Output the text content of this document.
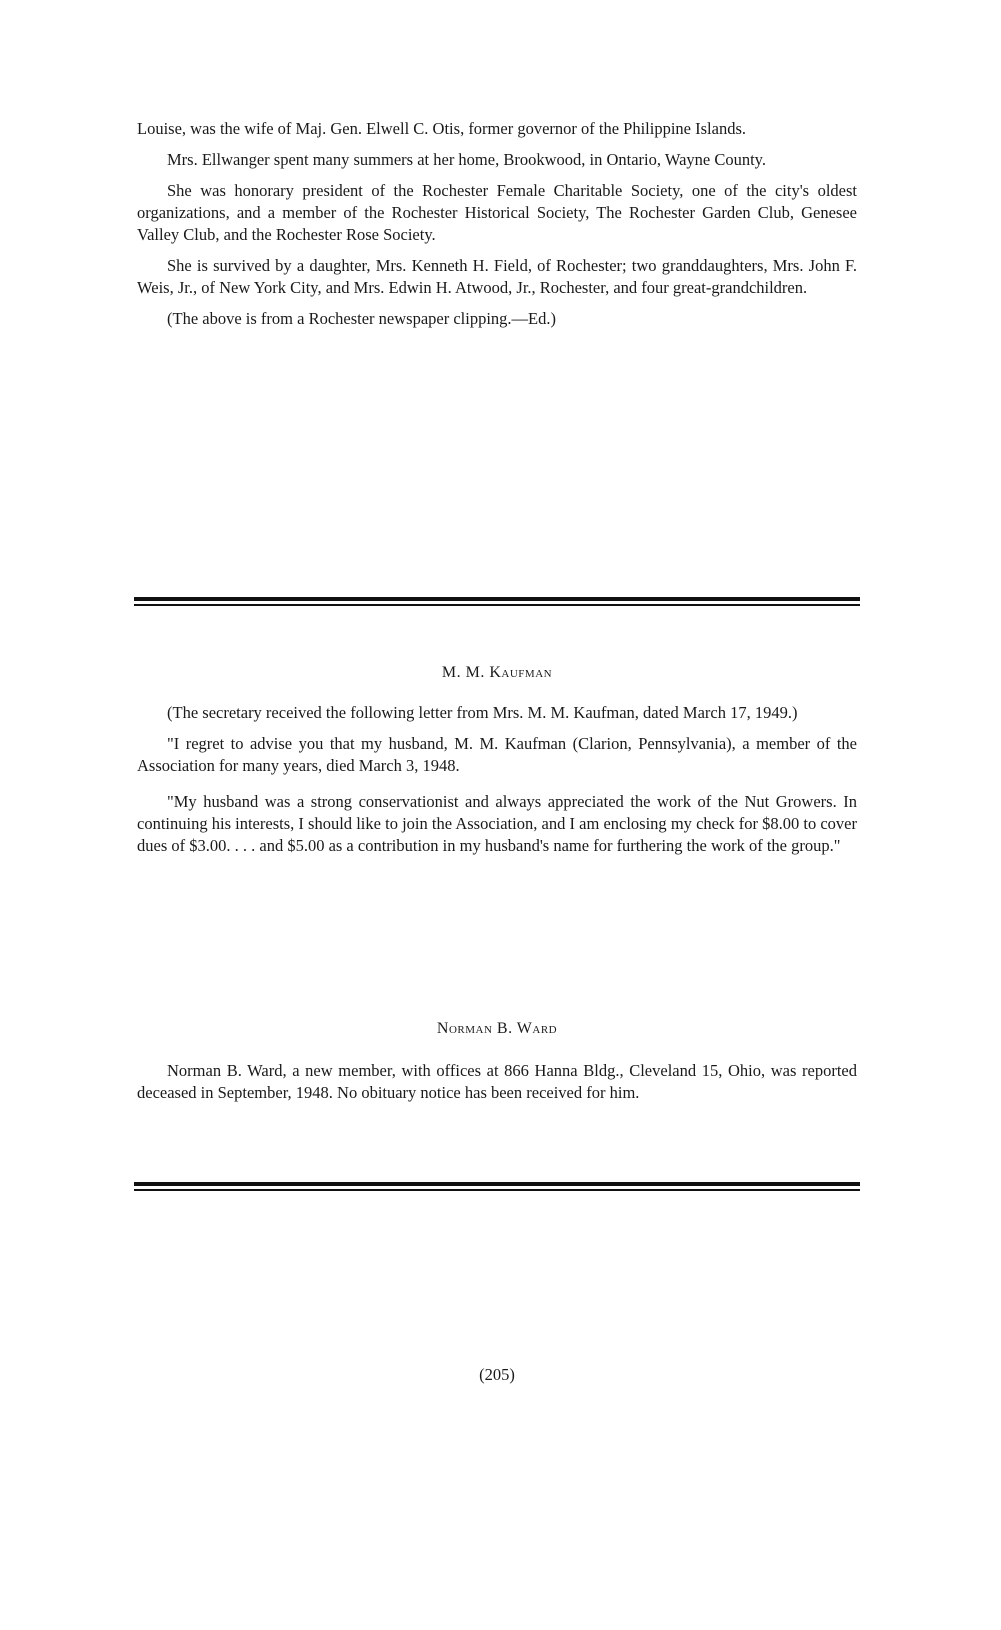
Louise, was the wife of Maj. Gen. Elwell C. Otis, former governor of the Philippine Islands.

Mrs. Ellwanger spent many summers at her home, Brookwood, in Ontario, Wayne County.

She was honorary president of the Rochester Female Charitable Society, one of the city's oldest organizations, and a member of the Rochester Historical Society, The Rochester Garden Club, Genesee Valley Club, and the Rochester Rose Society.

She is survived by a daughter, Mrs. Kenneth H. Field, of Rochester; two granddaughters, Mrs. John F. Weis, Jr., of New York City, and Mrs. Edwin H. Atwood, Jr., Rochester, and four great-grandchildren.

(The above is from a Rochester newspaper clipping.—Ed.)

M. M. Kaufman

(The secretary received the following letter from Mrs. M. M. Kaufman, dated March 17, 1949.)

"I regret to advise you that my husband, M. M. Kaufman (Clarion, Pennsylvania), a member of the Association for many years, died March 3, 1948.

"My husband was a strong conservationist and always appreciated the work of the Nut Growers. In continuing his interests, I should like to join the Association, and I am enclosing my check for $8.00 to cover dues of $3.00. . . . and $5.00 as a contribution in my husband's name for furthering the work of the group."

Norman B. Ward

Norman B. Ward, a new member, with offices at 866 Hanna Bldg., Cleveland 15, Ohio, was reported deceased in September, 1948. No obituary notice has been received for him.

(205)
